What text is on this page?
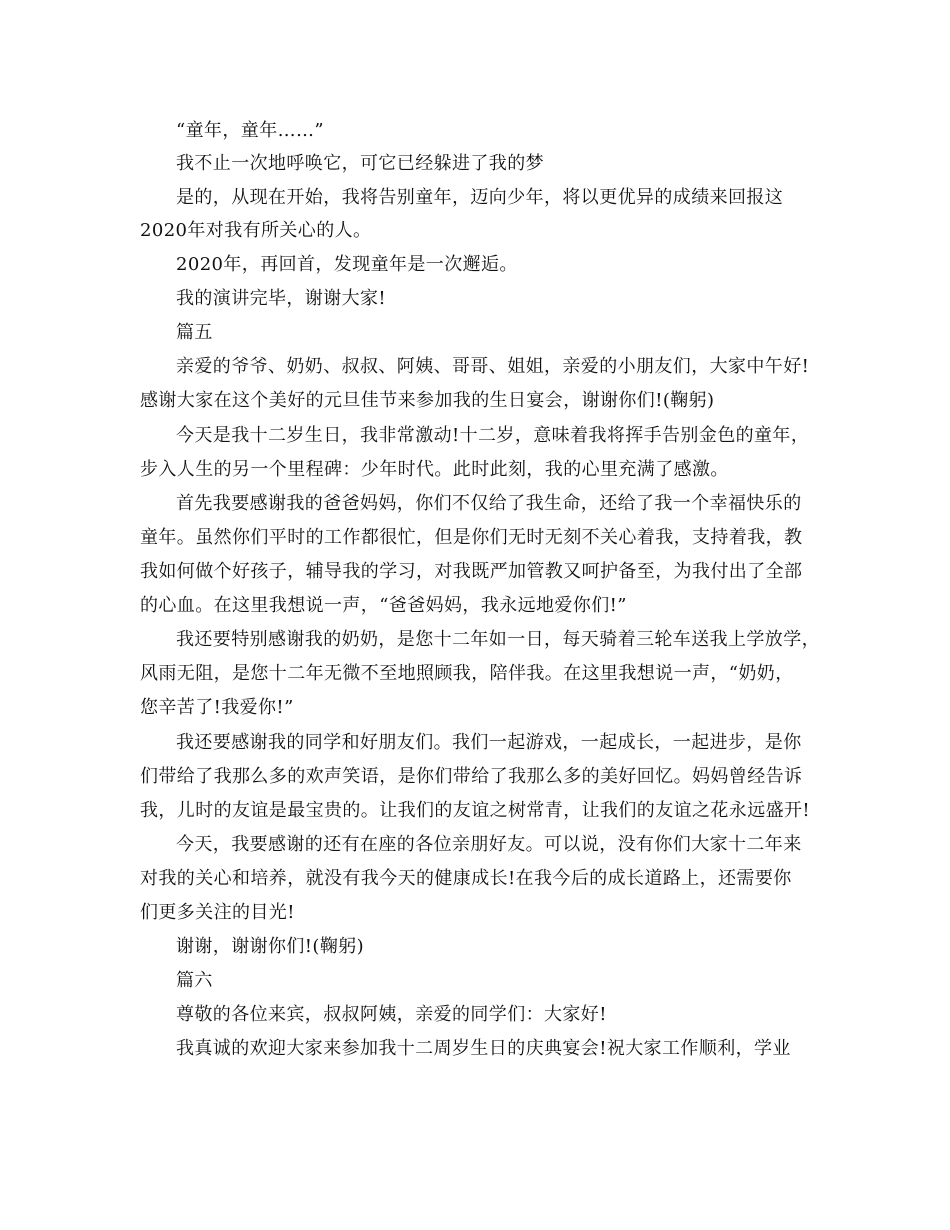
“童年，童年……”
我不止一次地呼唤它，可它已经躲进了我的梦
是的，从现在开始，我将告别童年，迈向少年，将以更优异的成绩来回报这
2020年对我有所关心的人。
2020年，再回首，发现童年是一次邂逅。
我的演讲完毕，谢谢大家!
篇五
亲爱的爷爷、奶奶、叔叔、阿姨、哥哥、姐姐，亲爱的小朋友们，大家中午好!
感谢大家在这个美好的元旦佳节来参加我的生日宴会，谢谢你们!(鞠躬)
今天是我十二岁生日，我非常激动!十二岁，意味着我将挥手告别金色的童年，
步入人生的另一个里程碑：少年时代。此时此刻，我的心里充满了感激。
首先我要感谢我的爸爸妈妈，你们不仅给了我生命，还给了我一个幸福快乐的
童年。虽然你们平时的工作都很忙，但是你们无时无刻不关心着我，支持着我，教
我如何做个好孩子，辅导我的学习，对我既严加管教又呵护备至，为我付出了全部
的心血。在这里我想说一声，“爸爸妈妈，我永远地爱你们!”
我还要特别感谢我的奶奶，是您十二年如一日，每天骑着三轮车送我上学放学，
风雨无阻，是您十二年无微不至地照顾我，陪伴我。在这里我想说一声，“奶奶，
您辛苦了!我爱你!”
我还要感谢我的同学和好朋友们。我们一起游戏，一起成长，一起进步，是你
们带给了我那么多的欢声笑语，是你们带给了我那么多的美好回忆。妈妈曾经告诉
我，儿时的友谊是最宝贵的。让我们的友谊之树常青，让我们的友谊之花永远盛开!
今天，我要感谢的还有在座的各位亲朋好友。可以说，没有你们大家十二年来
对我的关心和培养，就没有我今天的健康成长!在我今后的成长道路上，还需要你
们更多关注的目光!
谢谢，谢谢你们!(鞠躬)
篇六
尊敬的各位来宾，叔叔阿姨，亲爱的同学们：大家好!
我真诚的欢迎大家来参加我十二周岁生日的庆典宴会!祝大家工作顺利，学业
